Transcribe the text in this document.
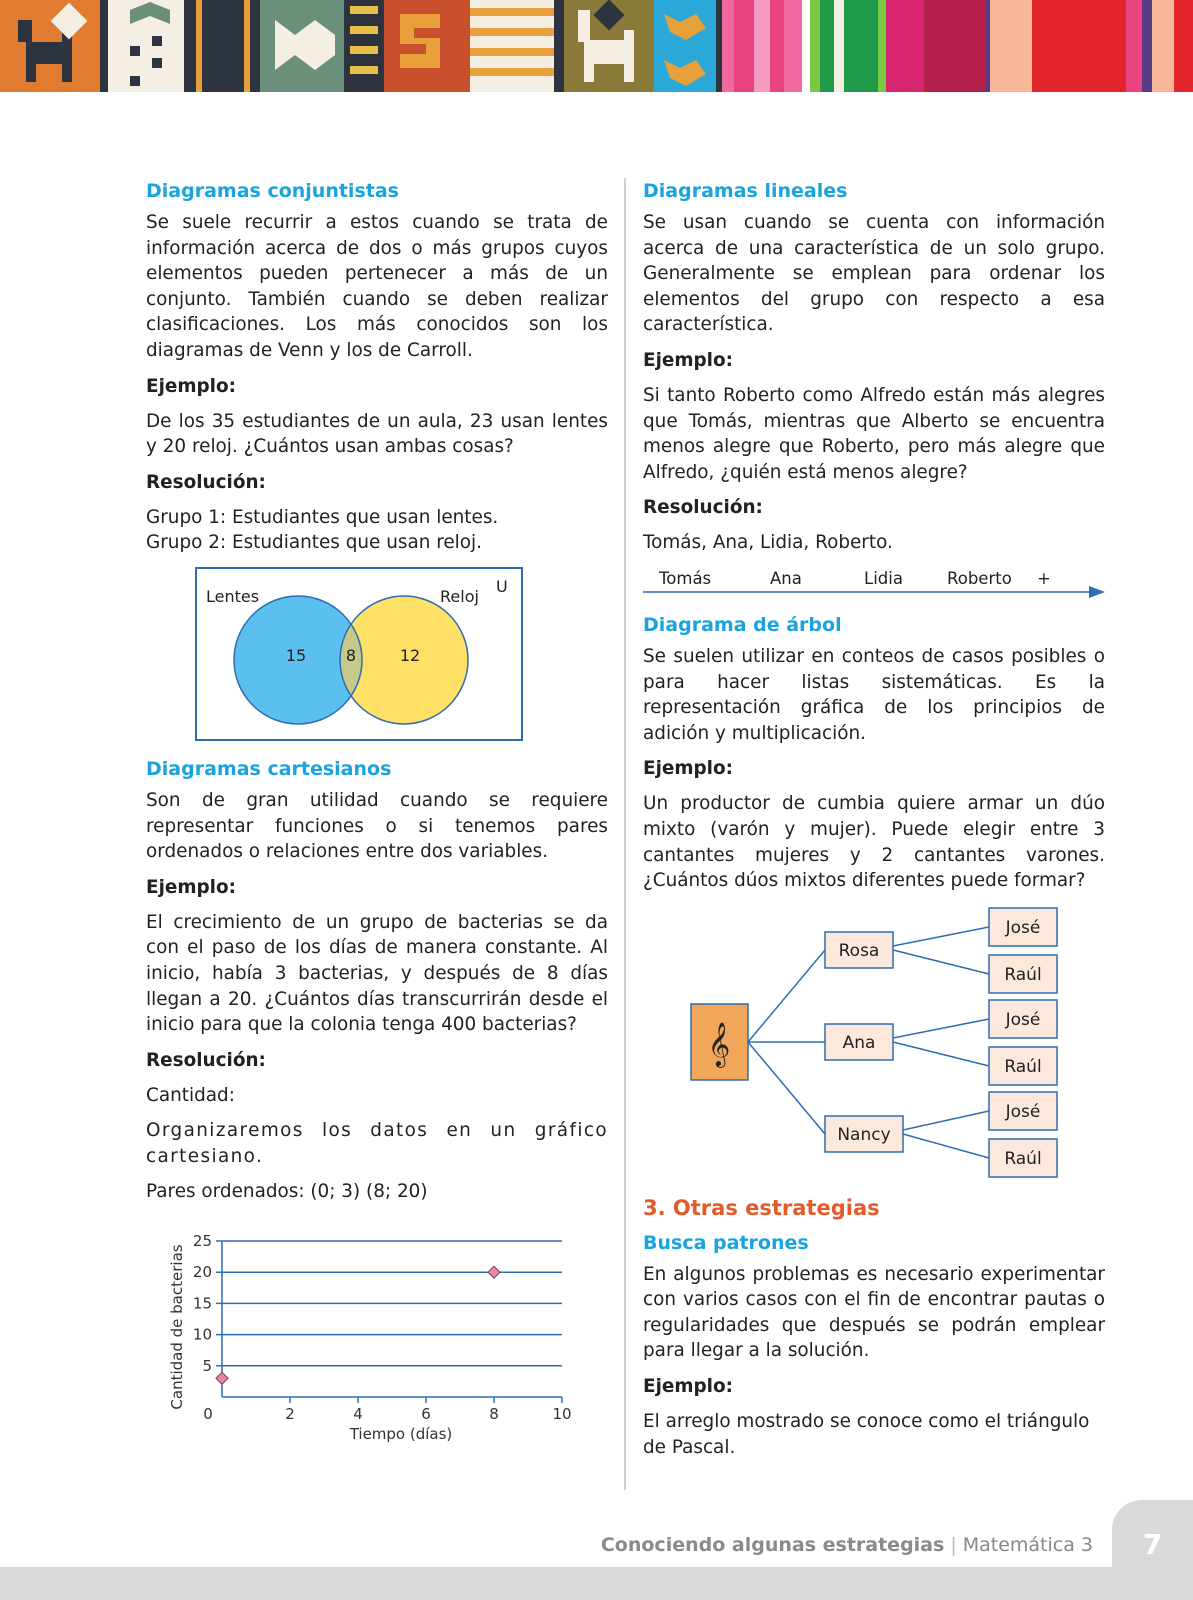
Diagramas conjuntistas
Se suele recurrir a estos cuando se trata de información acerca de dos o más grupos cuyos elementos pueden pertenecer a más de un conjunto. También cuando se deben realizar clasificaciones. Los más conocidos son los diagramas de Venn y los de Carroll.
Ejemplo:
De los 35 estudiantes de un aula, 23 usan lentes y 20 reloj. ¿Cuántos usan ambas cosas?
Resolución:
Grupo 1: Estudiantes que usan lentes.
Grupo 2: Estudiantes que usan reloj.
Lentes	Reloj
U
15 8	12
Diagramas cartesianos
Son de gran utilidad cuando se requiere representar funciones o si tenemos pares ordenados o relaciones entre dos variables.
Ejemplo:
El crecimiento de un grupo de bacterias se da con el paso de los días de manera constante. Al inicio, había 3 bacterias, y después de 8 días llegan a 20. ¿Cuántos días transcurrirán desde el inicio para que la colonia tenga 400 bacterias?
Resolución:
Cantidad:
Organizaremos los datos en un gráfico cartesiano.
Pares ordenados: (0; 3) (8; 20)
5
10
15
20
25
0	2	4	6	8	10
Tiempo (días)
Cantidad de bacterias
Diagramas lineales
Se usan cuando se cuenta con información acerca de una característica de un solo grupo. Generalmente se emplean para ordenar los elementos del grupo con respecto a esa característica.
Ejemplo:
Si tanto Roberto como Alfredo están más alegres que Tomás, mientras que Alberto se encuentra menos alegre que Roberto, pero más alegre que Alfredo, ¿quién está menos alegre?
Resolución:
Tomás, Ana, Lidia, Roberto.
Tomás	Ana	Lidia	Roberto +
Diagrama de árbol
Se suelen utilizar en conteos de casos posibles o para hacer listas sistemáticas. Es la representación gráfica de los principios de adición y multiplicación.
Ejemplo:
Un productor de cumbia quiere armar un dúo mixto (varón y mujer). Puede elegir entre 3 cantantes mujeres y 2 cantantes varones. ¿Cuántos dúos mixtos diferentes puede formar?
𝄞
Rosa
Ana
Nancy
José
Raúl
José
Raúl
José
Raúl
3. Otras estrategias
Busca patrones
En algunos problemas es necesario experimentar con varios casos con el fin de encontrar pautas o regularidades que después se podrán emplear para llegar a la solución.
Ejemplo:
El arreglo mostrado se conoce como el triángulo de Pascal.
7
Conociendo algunas estrategias | Matemática 3
